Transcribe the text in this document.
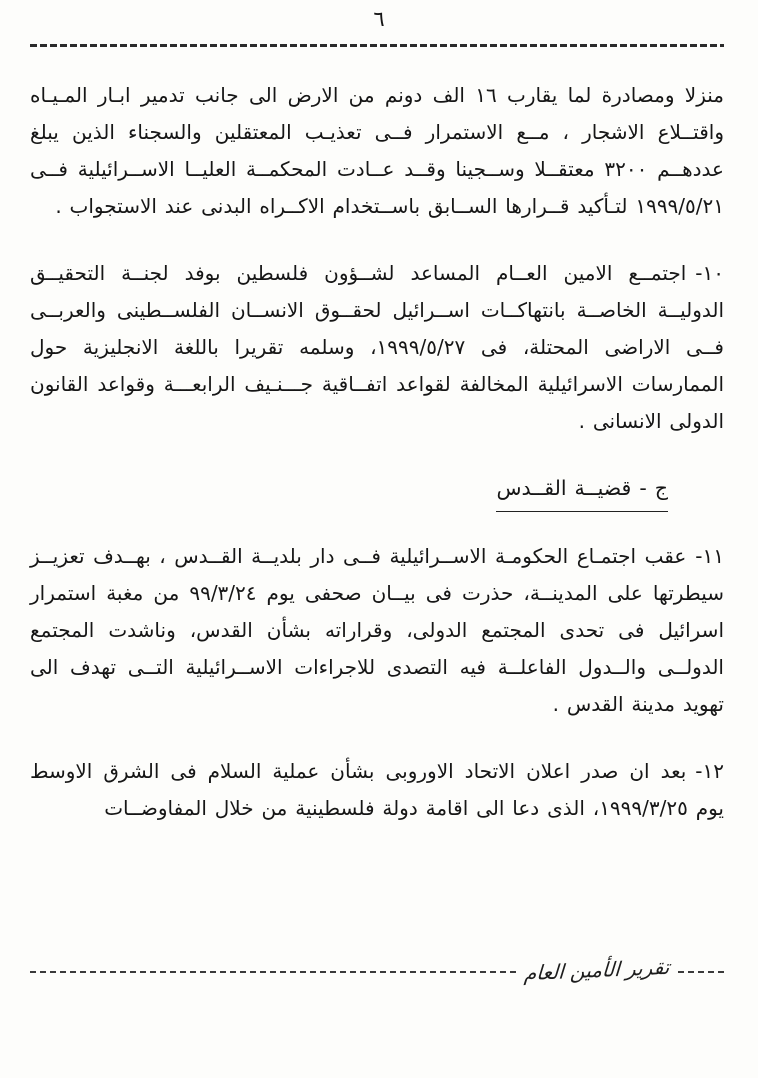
٦

منزلا ومصادرة لما يقارب ١٦ الف دونم من الارض الى جانب تدمير ابـار المـيـاه واقتــلاع الاشجار ، مــع الاستمرار فــى تعذيـب المعتقلين والسجناء الذين يبلغ عددهــم ٣٢٠٠ معتقــلا وســجينا وقــد عــادت المحكمــة العليــا الاســرائيلية فــى ١٩٩٩/٥/٢١ لتـأكيد قــرارها الســابق باســتخدام الاكــراه البدنى عند الاستجواب .

١٠-اجتمــع الامين العــام المساعد لشــؤون فلسطين بوفد لجنــة التحقيــق الدوليــة الخاصــة بانتهاكــات اســرائيل لحقــوق الانســان الفلســطينى والعربــى فــى الاراضى المحتلة، فى ١٩٩٩/٥/٢٧، وسلمه تقريرا باللغة الانجليزية حول الممارسات الاسرائيلية المخالفة لقواعد اتفــاقية جـــنـيف الرابعـــة وقواعد القانون الدولى الانسانى .

ج - قضيــة القــدس

١١-عقب اجتمـاع الحكومـة الاســرائيلية فــى دار بلديــة القــدس ، بهــدف تعزيــز سيطرتها على المدينــة، حذرت فى بيــان صحفى يوم ٩٩/٣/٢٤ من مغبة استمرار اسرائيل فى تحدى المجتمع الدولى، وقراراته بشأن القدس، وناشدت المجتمع الدولــى والــدول الفاعلــة فيه التصدى للاجراءات الاســرائيلية التــى تهدف الى تهويد مدينة القدس .

١٢-بعد ان صدر اعلان الاتحاد الاوروبى بشأن عملية السلام فى الشرق الاوسط يوم ١٩٩٩/٣/٢٥، الذى دعا الى اقامة دولة فلسطينية من خلال المفاوضــات

تقرير الأمين العام
